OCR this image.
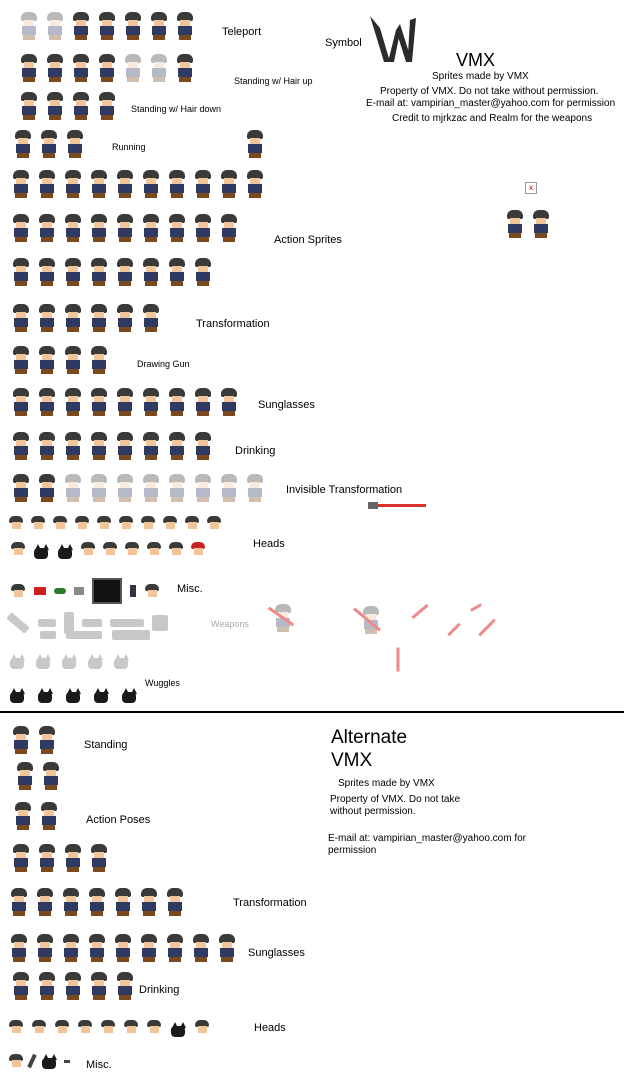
Teleport
Symbol
VMX
Sprites made by VMX
Property of VMX. Do not take without permission.
E-mail at: vampirian_master@yahoo.com for permission
Credit to mjrkzac and Realm for the weapons
Standing w/ Hair up
Standing w/ Hair down
Running
Action Sprites
x
Transformation
Drawing Gun
Sunglasses
Drinking
Invisible Transformation
Heads
Misc.
Weapons
Wuggles
Standing	Alternate
VMX
Sprites made by VMX
Property of VMX. Do not take
without permission.
E-mail at: vampirian_master@yahoo.com for
permission
Action Poses
Transformation
Sunglasses
Drinking
Heads
Misc.
